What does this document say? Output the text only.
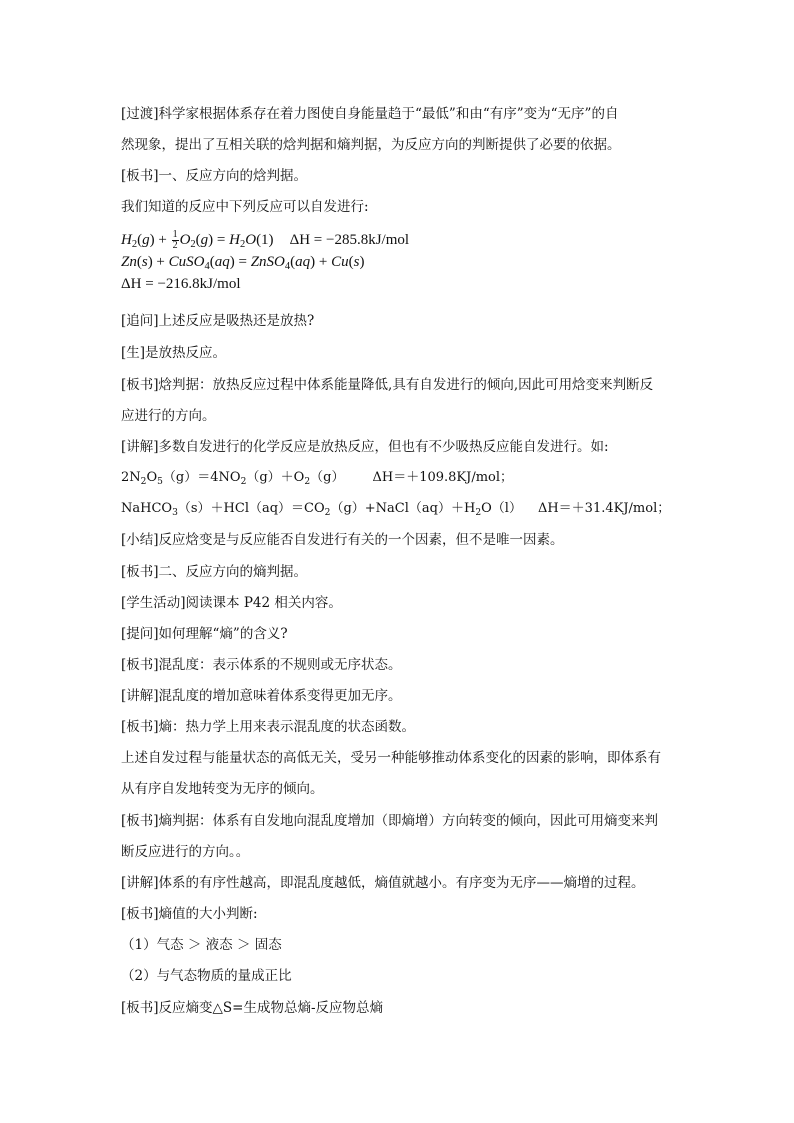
[过渡]科学家根据体系存在着力图使自身能量趋于“最低”和由“有序”变为“无序”的自
然现象，提出了互相关联的焓判据和熵判据，为反应方向的判断提供了必要的依据。
[板书]一、反应方向的焓判据。
我们知道的反应中下列反应可以自发进行:
$H_2(g) + \frac{1}{2} O_2(g) = H_2O(1) \Delta H = -285.8kJ/mol$
Zn(s) + CuSO$_4$(aq) = ZnSO$_4$(aq) + Cu(s)
ΔH = −216.8kJ/mol
[追问]上述反应是吸热还是放热?
[生]是放热反应。
[板书]焓判据：放热反应过程中体系能量降低,具有自发进行的倾向,因此可用焓变来判断反
应进行的方向。
[讲解]多数自发进行的化学反应是放热反应，但也有不少吸热反应能自发进行。如:
$2N_2O_5(g)=4NO_2(g)+O_2(g)$ ΔH＝＋109.8KJ/mol；
$NaHCO_3(s)+HCl(aq)=CO_2(g)+NaCl(aq)+H_2O(l)$ ΔH＝＋31.4KJ/mol；
[小结]反应焓变是与反应能否自发进行有关的一个因素，但不是唯一因素。
[板书]二、反应方向的熵判据。
[学生活动]阅读课本 P42 相关内容。
[提问]如何理解“熵”的含义?
[板书]混乱度：表示体系的不规则或无序状态。
[讲解]混乱度的增加意味着体系变得更加无序。
[板书]熵：热力学上用来表示混乱度的状态函数。
上述自发过程与能量状态的高低无关，受另一种能够推动体系变化的因素的影响，即体系有
从有序自发地转变为无序的倾向。
[板书]熵判据：体系有自发地向混乱度增加（即熵增）方向转变的倾向，因此可用熵变来判
断反应进行的方向。。
[讲解]体系的有序性越高，即混乱度越低，熵值就越小。有序变为无序——熵增的过程。
[板书]熵值的大小判断:
（1）气态 ＞ 液态 ＞ 固态
（2）与气态物质的量成正比
[板书]反应熵变△S=生成物总熵-反应物总熵
